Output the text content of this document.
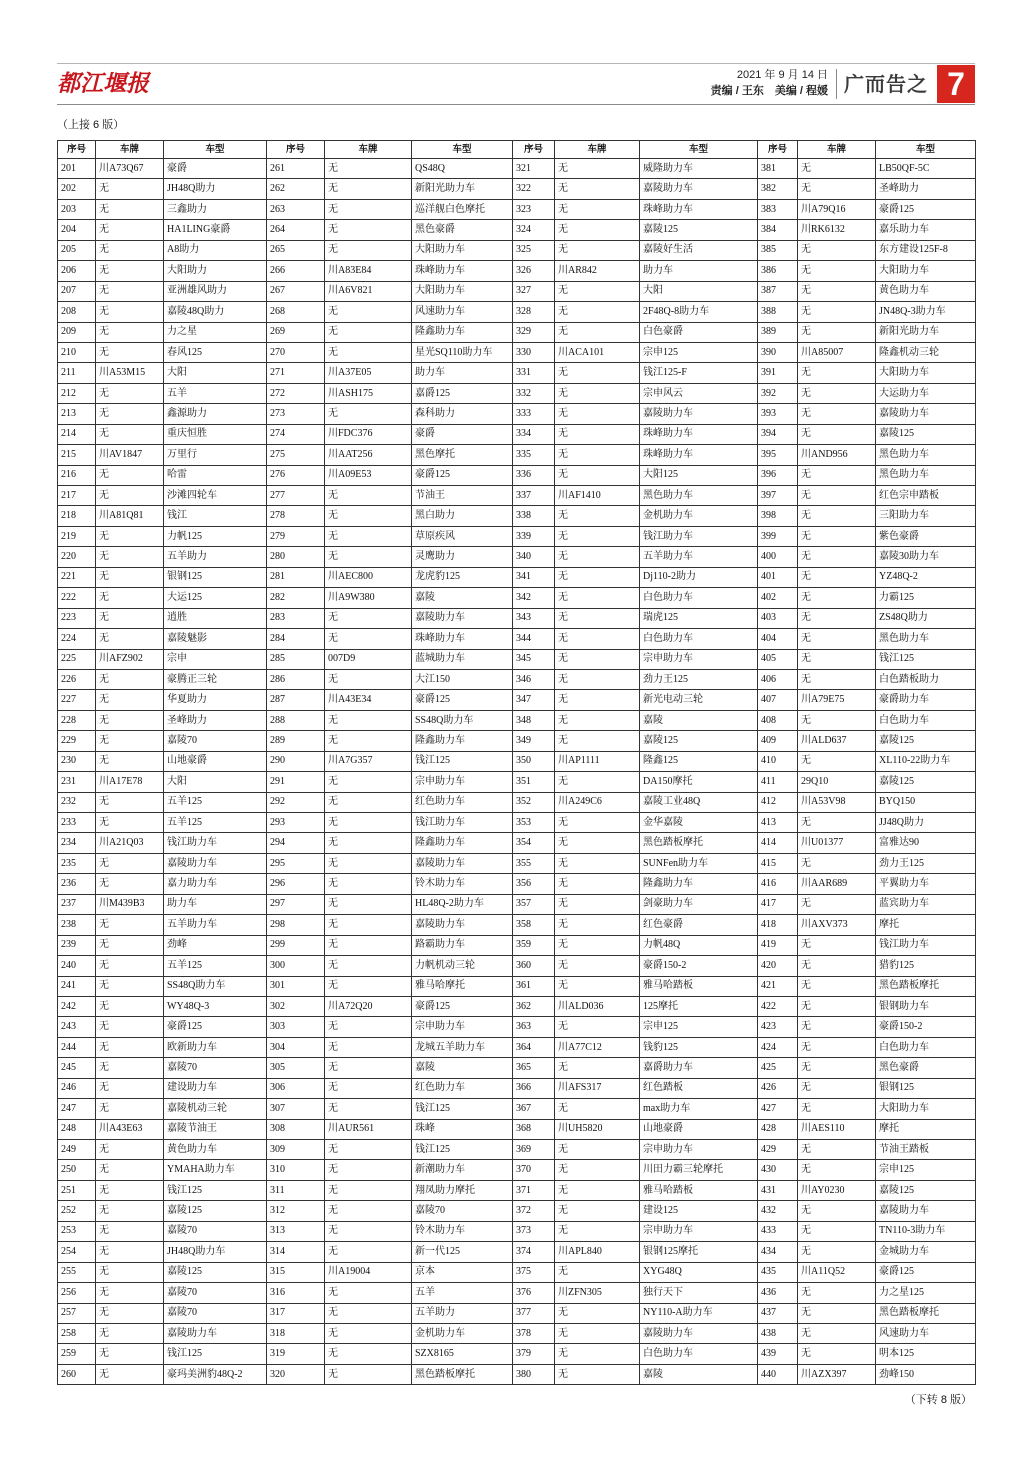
都江堰报	2021 年 9 月 14 日
责编 / 王东　美编 / 程媛 广而告之 7
（上接 6 版）
序号	车牌	车型	序号	车牌	车型	序号	车牌	车型	序号	车牌	车型
201	川A73Q67	豪爵	261	无	QS48Q	321	无	威隆助力车	381	无	LB50QF-5C
202	无	JH48Q助力	262	无	新阳光助力车	322	无	嘉陵助力车	382	无	圣峰助力
203	无	三鑫助力	263	无	巡洋舰白色摩托	323	无	珠峰助力车	383	川A79Q16	豪爵125
204	无	HA1LING豪爵	264	无	黑色豪爵	324	无	嘉陵125	384	川RK6132	嘉乐助力车
205	无	A8助力	265	无	大阳助力车	325	无	嘉陵好生活	385	无	东方建设125F-8
206	无	大阳助力	266	川A83E84	珠峰助力车	326	川AR842	助力车	386	无	大阳助力车
207	无	亚洲雄风助力	267	川A6V821	大阳助力车	327	无	大阳	387	无	黄色助力车
208	无	嘉陵48Q助力	268	无	风速助力车	328	无	2F48Q-8助力车	388	无	JN48Q-3助力车
209	无	力之星	269	无	隆鑫助力车	329	无	白色豪爵	389	无	新阳光助力车
210	无	春风125	270	无	星光SQ110助力车	330	川ACA101	宗申125	390	川A85007	隆鑫机动三轮
211	川A53M15	大阳	271	川A37E05	助力车	331	无	钱江125-F	391	无	大阳助力车
212	无	五羊	272	川ASH175	嘉爵125	332	无	宗申风云	392	无	大运助力车
213	无	鑫源助力	273	无	森科助力	333	无	嘉陵助力车	393	无	嘉陵助力车
214	无	重庆恒胜	274	川FDC376	豪爵	334	无	珠峰助力车	394	无	嘉陵125
215	川AV1847	万里行	275	川AAT256	黑色摩托	335	无	珠峰助力车	395	川AND956	黑色助力车
216	无	哈雷	276	川A09E53	豪爵125	336	无	大阳125	396	无	黑色助力车
217	无	沙滩四轮车	277	无	节油王	337	川AF1410	黑色助力车	397	无	红色宗申踏板
218	川A81Q81	钱江	278	无	黑白助力	338	无	金机助力车	398	无	三阳助力车
219	无	力帆125	279	无	草原疾风	339	无	钱江助力车	399	无	紫色豪爵
220	无	五羊助力	280	无	灵鹰助力	340	无	五羊助力车	400	无	嘉陵30助力车
221	无	银钢125	281	川AEC800	龙虎豹125	341	无	Dj110-2助力	401	无	YZ48Q-2
222	无	大运125	282	川A9W380	嘉陵	342	无	白色助力车	402	无	力霸125
223	无	逍胜	283	无	嘉陵助力车	343	无	瑞虎125	403	无	ZS48Q助力
224	无	嘉陵魅影	284	无	珠峰助力车	344	无	白色助力车	404	无	黑色助力车
225	川AFZ902	宗申	285	007D9	蓝城助力车	345	无	宗申助力车	405	无	钱江125
226	无	豪腾正三轮	286	无	大江150	346	无	劲力王125	406	无	白色踏板助力
227	无	华夏助力	287	川A43E34	豪爵125	347	无	新光电动三轮	407	川A79E75	豪爵助力车
228	无	圣峰助力	288	无	SS48Q助力车	348	无	嘉陵	408	无	白色助力车
229	无	嘉陵70	289	无	隆鑫助力车	349	无	嘉陵125	409	川ALD637	嘉陵125
230	无	山地豪爵	290	川A7G357	钱江125	350	川AP1111	隆鑫125	410	无	XL110-22助力车
231	川A17E78	大阳	291	无	宗申助力车	351	无	DA150摩托	411	29Q10	嘉陵125
232	无	五羊125	292	无	红色助力车	352	川A249C6	嘉陵工业48Q	412	川A53V98	BYQ150
233	无	五羊125	293	无	钱江助力车	353	无	金华嘉陵	413	无	JJ48Q助力
234	川A21Q03	钱江助力车	294	无	隆鑫助力车	354	无	黑色踏板摩托	414	川U01377	富雅达90
235	无	嘉陵助力车	295	无	嘉陵助力车	355	无	SUNFen助力车	415	无	劲力王125
236	无	嘉力助力车	296	无	铃木助力车	356	无	隆鑫助力车	416	川AAR689	平翼助力车
237	川M439B3	助力车	297	无	HL48Q-2助力车	357	无	剑豪助力车	417	无	蓝宾助力车
238	无	五羊助力车	298	无	嘉陵助力车	358	无	红色豪爵	418	川AXV373	摩托
239	无	劲峰	299	无	路霸助力车	359	无	力帆48Q	419	无	钱江助力车
240	无	五羊125	300	无	力帆机动三轮	360	无	豪爵150-2	420	无	猎豹125
241	无	SS48Q助力车	301	无	雅马哈摩托	361	无	雅马哈踏板	421	无	黑色踏板摩托
242	无	WY48Q-3	302	川A72Q20	豪爵125	362	川ALD036	125摩托	422	无	银钢助力车
243	无	豪爵125	303	无	宗申助力车	363	无	宗申125	423	无	豪爵150-2
244	无	欧新助力车	304	无	龙城五羊助力车	364	川A77C12	钱豹125	424	无	白色助力车
245	无	嘉陵70	305	无	嘉陵	365	无	嘉爵助力车	425	无	黑色豪爵
246	无	建设助力车	306	无	红色助力车	366	川AFS317	红色踏板	426	无	银钢125
247	无	嘉陵机动三轮	307	无	钱江125	367	无	max助力车	427	无	大阳助力车
248	川A43E63	嘉陵节油王	308	川AUR561	珠峰	368	川UH5820	山地豪爵	428	川AES110	摩托
249	无	黄色助力车	309	无	钱江125	369	无	宗申助力车	429	无	节油王踏板
250	无	YMAHA助力车	310	无	新潮助力车	370	无	川田力霸三轮摩托	430	无	宗申125
251	无	钱江125	311	无	翔凤助力摩托	371	无	雅马哈踏板	431	川AY0230	嘉陵125
252	无	嘉陵125	312	无	嘉陵70	372	无	建设125	432	无	嘉陵助力车
253	无	嘉陵70	313	无	铃木助力车	373	无	宗申助力车	433	无	TN110-3助力车
254	无	JH48Q助力车	314	无	新一代125	374	川APL840	银钢125摩托	434	无	金城助力车
255	无	嘉陵125	315	川A19004	京本	375	无	XYG48Q	435	川A11Q52	豪爵125
256	无	嘉陵70	316	无	五羊	376	川ZFN305	独行天下	436	无	力之星125
257	无	嘉陵70	317	无	五羊助力	377	无	NY110-A助力车	437	无	黑色踏板摩托
258	无	嘉陵助力车	318	无	金机助力车	378	无	嘉陵助力车	438	无	风速助力车
259	无	钱江125	319	无	SZX8165	379	无	白色助力车	439	无	明本125
260	无	豪玛美洲豹48Q-2	320	无	黑色踏板摩托	380	无	嘉陵	440	川AZX397	劲峰150
（下转 8 版）
